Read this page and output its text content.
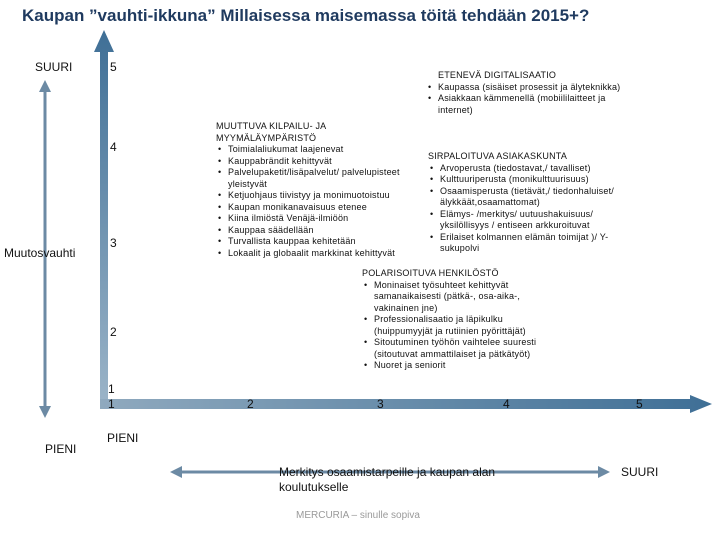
Kaupan ”vauhti-ikkuna” Millaisessa maisemassa töitä tehdään 2015+?
SUURI
Muutosvauhti
PIENI
5
4
3
2
1
1	2	3	4	5
PIENI
SUURI
Merkitys osaamistarpeille ja kaupan alan koulutukselle
ETENEVÄ DIGITALISAATIO
• Kaupassa (sisäiset prosessit ja älyteknikka)
• Asiakkaan kämmenellä (mobiililaitteet ja internet)
MUUTTUVA KILPAILU- JA MYYMÄLÄYMPÄRISTÖ
• Toimialaliukumat laajenevat
• Kauppabrändit kehittyvät
• Palvelupaketit/lisäpalvelut/ palvelupisteet yleistyvät
• Ketjuohjaus tiivistyy ja monimuotoistuu
• Kaupan monikanavaisuus etenee
• Kiina ilmiöstä Venäjä-ilmiöön
• Kauppaa säädellään
• Turvallista kauppaa kehitetään
• Lokaalit ja globaalit markkinat kehittyvät
SIRPALOITUVA ASIAKASKUNTA
• Arvoperusta (tiedostavat,/ tavalliset)
• Kulttuuriperusta (monikulttuurisuus)
• Osaamisperusta (tietävät,/ tiedonhaluiset/ älykkäät,osaamattomat)
• Elämys- /merkitys/ uutuushakuisuus/ yksilöllisyys / entiseen arkkuroituvat
• Erilaiset kolmannen elämän toimijat )/ Y-sukupolvi
POLARISOITUVA HENKILÖSTÖ
• Moninaiset työsuhteet kehittyvät samanaikaisesti (pätkä-, osa-aika-, vakinainen jne)
• Professionalisaatio ja läpikulku (huippumyyjät ja rutiinien pyörittäjät)
• Sitoutuminen työhön vaihtelee suuresti (sitoutuvat ammattilaiset ja pätkätyöt)
• Nuoret ja seniorit
MERCURIA – sinulle sopiva
